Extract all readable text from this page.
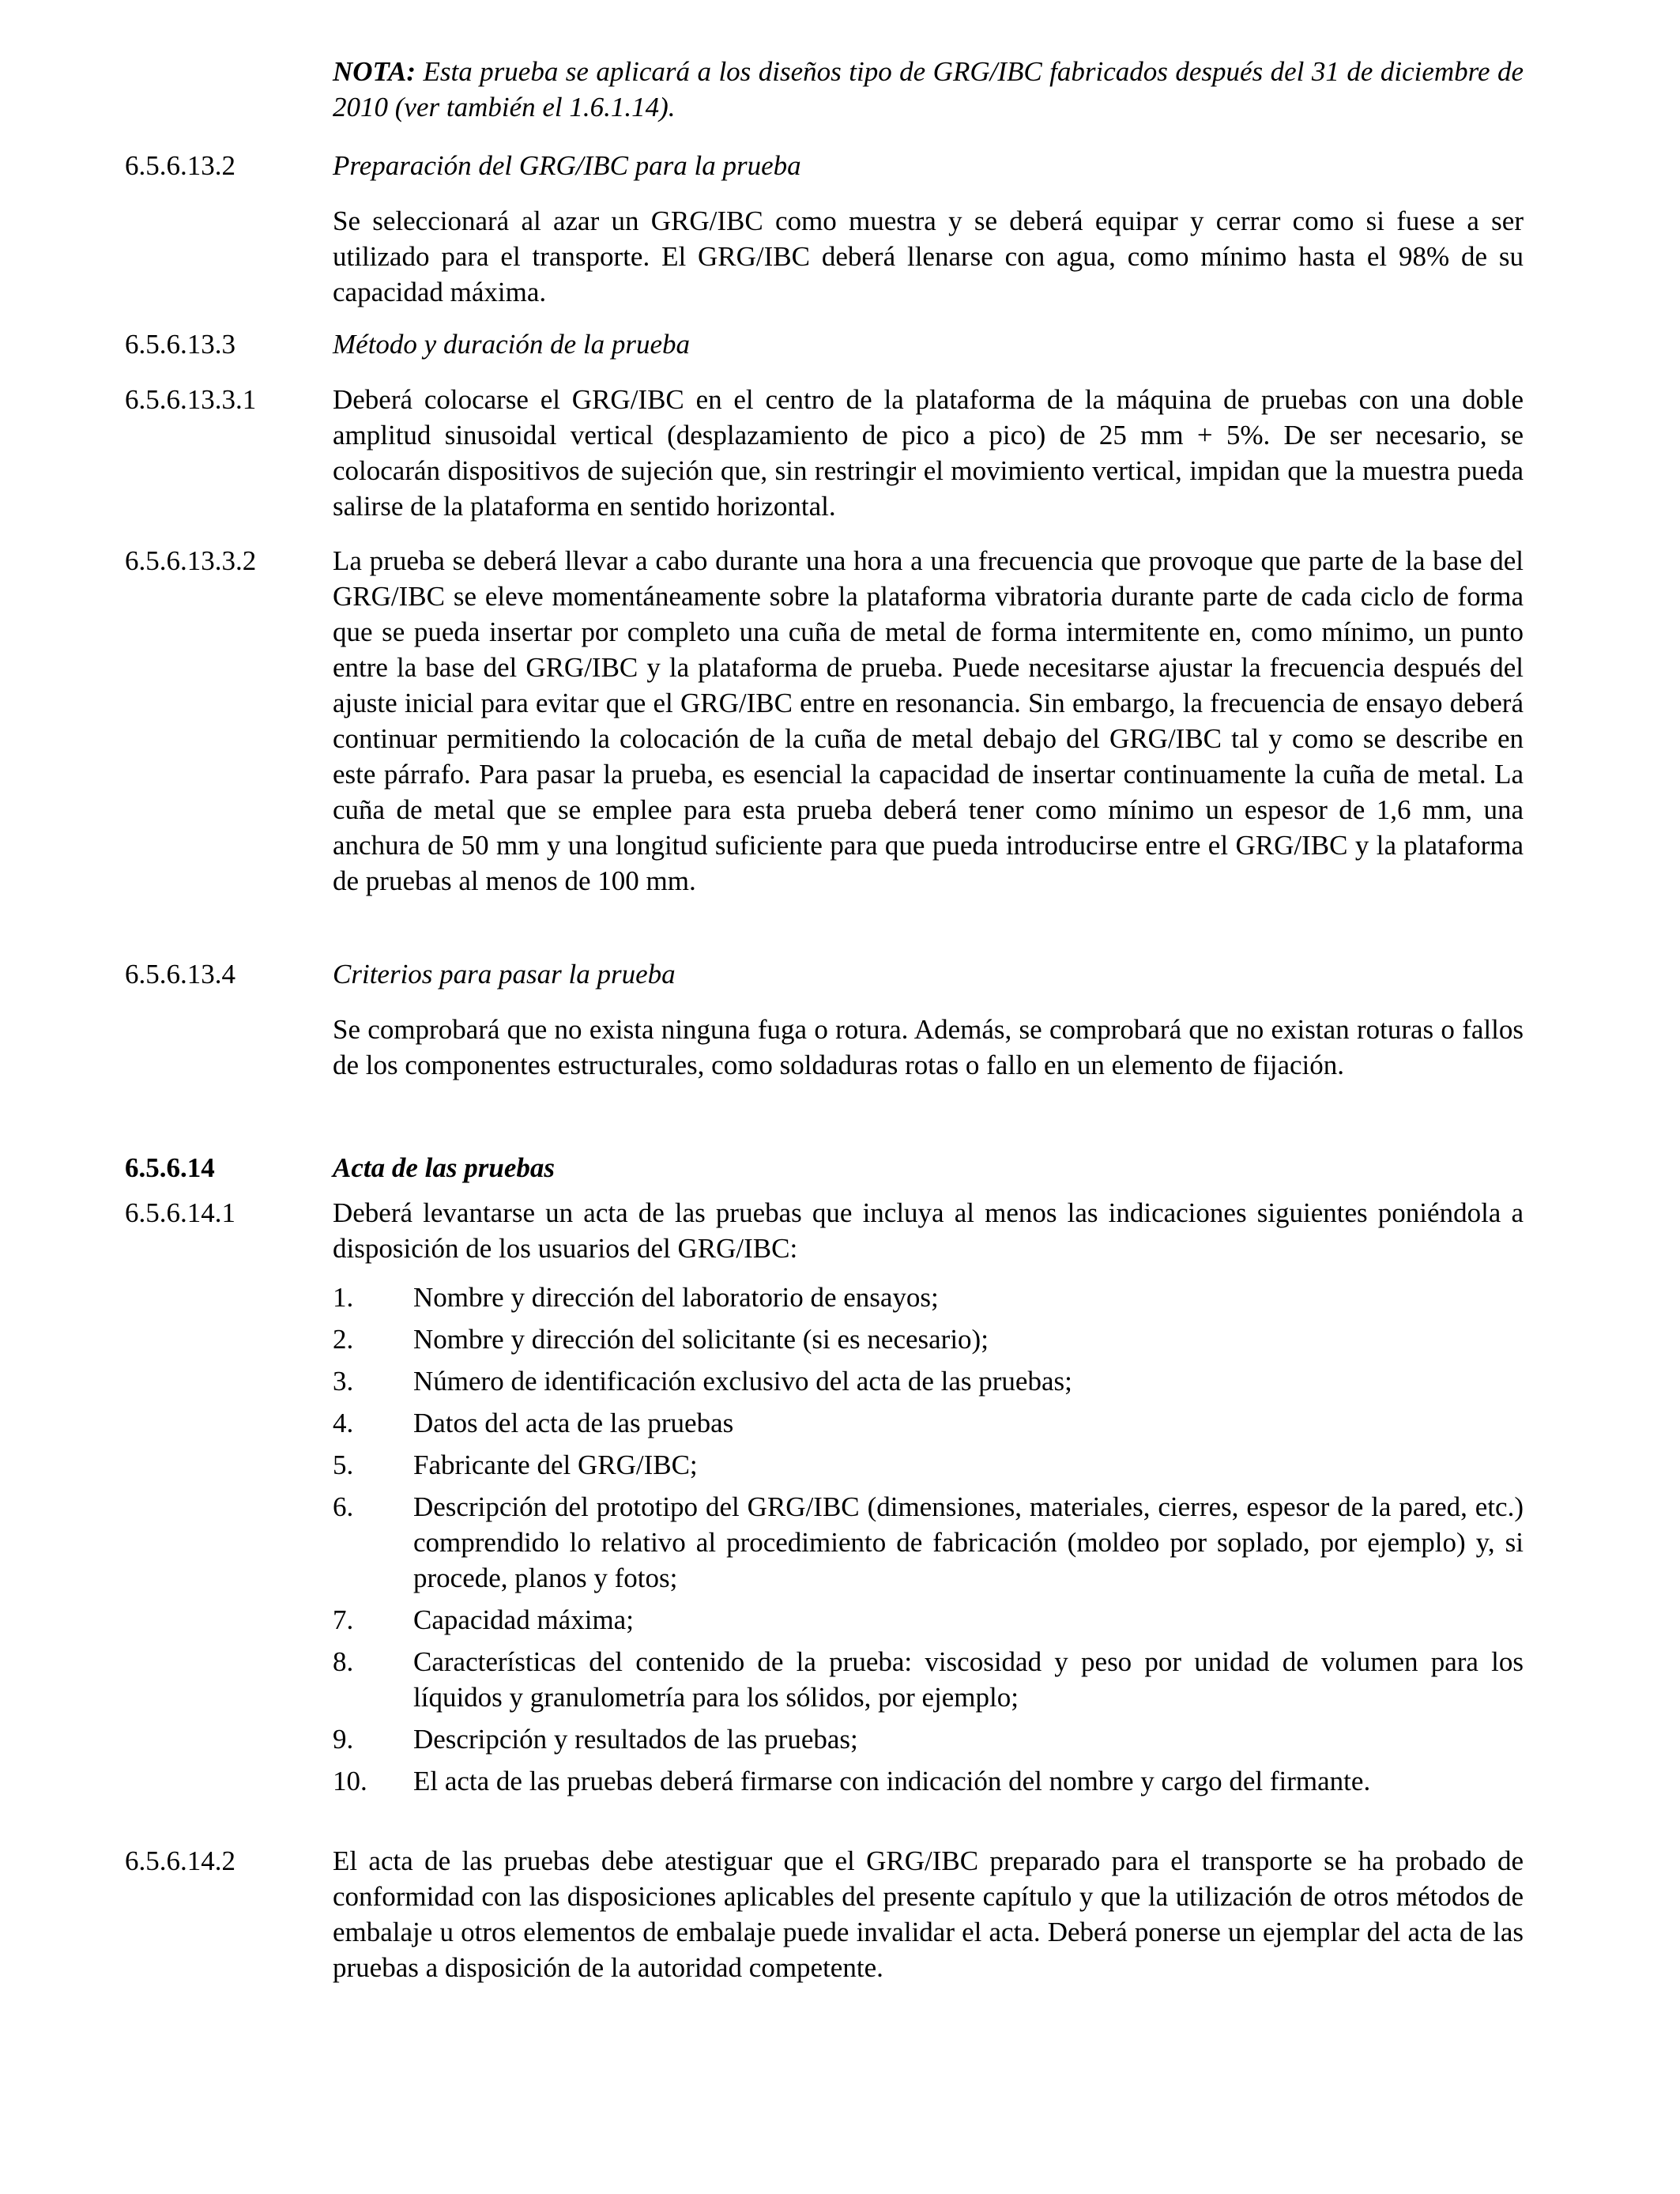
NOTA: Esta prueba se aplicará a los diseños tipo de GRG/IBC fabricados después del 31 de diciembre de 2010 (ver también el 1.6.1.14).
6.5.6.13.2	Preparación del GRG/IBC para la prueba
Se seleccionará al azar un GRG/IBC como muestra y se deberá equipar y cerrar como si fuese a ser utilizado para el transporte. El GRG/IBC deberá llenarse con agua, como mínimo hasta el 98% de su capacidad máxima.
6.5.6.13.3	Método y duración de la prueba
6.5.6.13.3.1	Deberá colocarse el GRG/IBC en el centro de la plataforma de la máquina de pruebas con una doble amplitud sinusoidal vertical (desplazamiento de pico a pico) de 25 mm + 5%. De ser necesario, se colocarán dispositivos de sujeción que, sin restringir el movimiento vertical, impidan que la muestra pueda salirse de la plataforma en sentido horizontal.
6.5.6.13.3.2	La prueba se deberá llevar a cabo durante una hora a una frecuencia que provoque que parte de la base del GRG/IBC se eleve momentáneamente sobre la plataforma vibratoria durante parte de cada ciclo de forma que se pueda insertar por completo una cuña de metal de forma intermitente en, como mínimo, un punto entre la base del GRG/IBC y la plataforma de prueba. Puede necesitarse ajustar la frecuencia después del ajuste inicial para evitar que el GRG/IBC entre en resonancia. Sin embargo, la frecuencia de ensayo deberá continuar permitiendo la colocación de la cuña de metal debajo del GRG/IBC tal y como se describe en este párrafo. Para pasar la prueba, es esencial la capacidad de insertar continuamente la cuña de metal. La cuña de metal que se emplee para esta prueba deberá tener como mínimo un espesor de 1,6 mm, una anchura de 50 mm y una longitud suficiente para que pueda introducirse entre el GRG/IBC y la plataforma de pruebas al menos de 100 mm.
6.5.6.13.4	Criterios para pasar la prueba
Se comprobará que no exista ninguna fuga o rotura. Además, se comprobará que no existan roturas o fallos de los componentes estructurales, como soldaduras rotas o fallo en un elemento de fijación.
6.5.6.14	Acta de las pruebas
6.5.6.14.1	Deberá levantarse un acta de las pruebas que incluya al menos las indicaciones siguientes poniéndola a disposición de los usuarios del GRG/IBC:
1. Nombre y dirección del laboratorio de ensayos;
2. Nombre y dirección del solicitante (si es necesario);
3. Número de identificación exclusivo del acta de las pruebas;
4. Datos del acta de las pruebas
5. Fabricante del GRG/IBC;
6. Descripción del prototipo del GRG/IBC (dimensiones, materiales, cierres, espesor de la pared, etc.) comprendido lo relativo al procedimiento de fabricación (moldeo por soplado, por ejemplo) y, si procede, planos y fotos;
7. Capacidad máxima;
8. Características del contenido de la prueba: viscosidad y peso por unidad de volumen para los líquidos y granulometría para los sólidos, por ejemplo;
9. Descripción y resultados de las pruebas;
10. El acta de las pruebas deberá firmarse con indicación del nombre y cargo del firmante.
6.5.6.14.2	El acta de las pruebas debe atestiguar que el GRG/IBC preparado para el transporte se ha probado de conformidad con las disposiciones aplicables del presente capítulo y que la utilización de otros métodos de embalaje u otros elementos de embalaje puede invalidar el acta. Deberá ponerse un ejemplar del acta de las pruebas a disposición de la autoridad competente.
